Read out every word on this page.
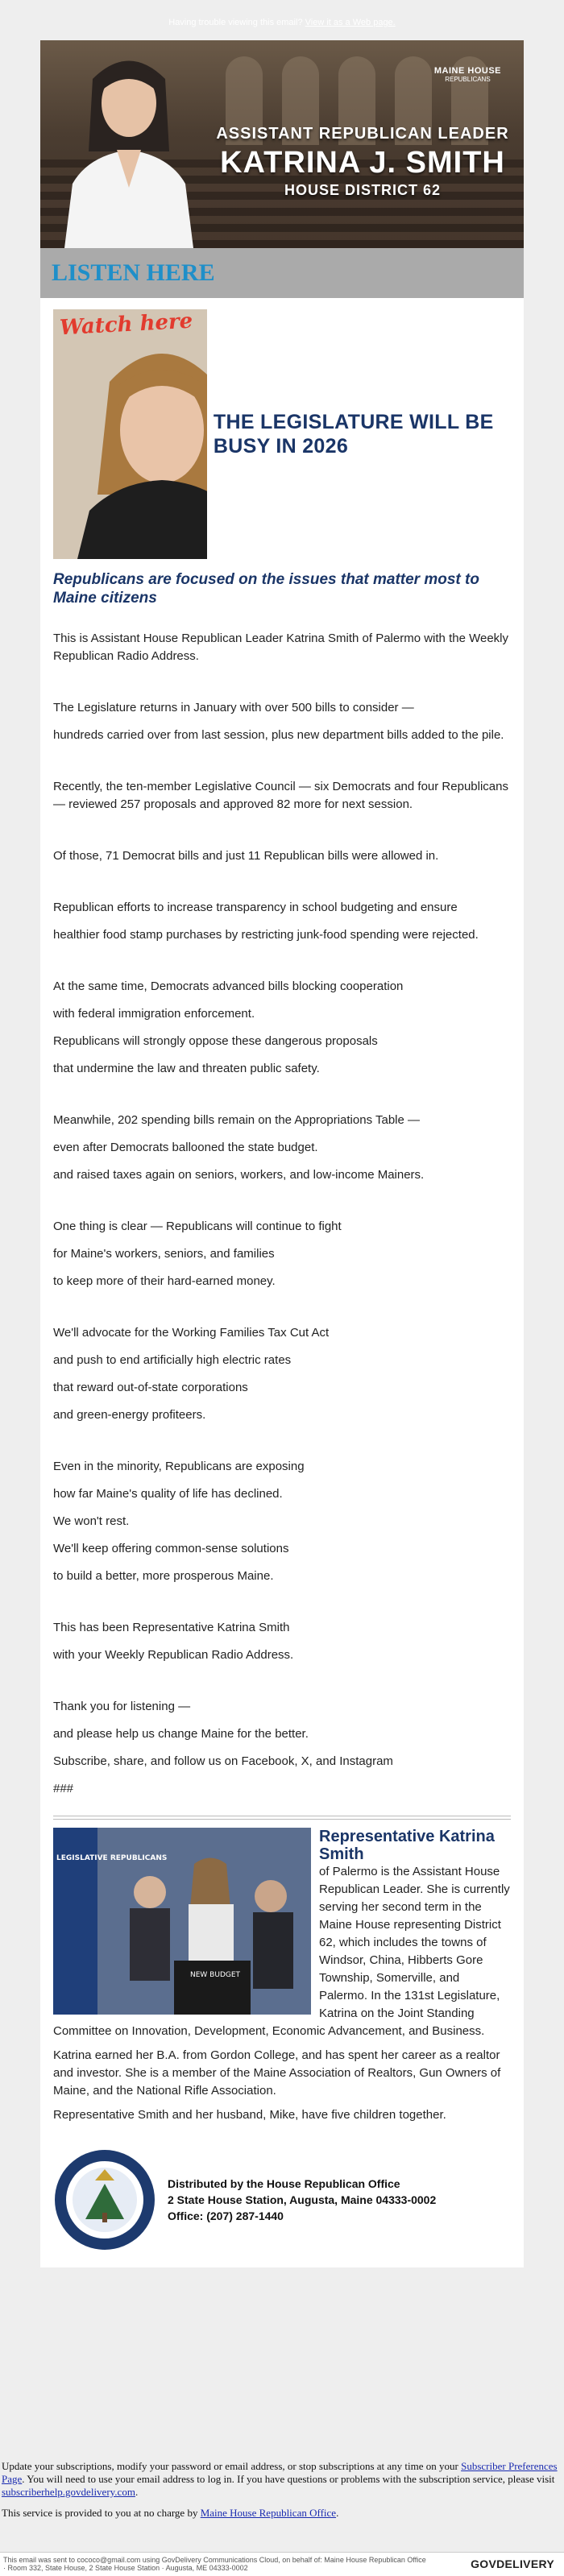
Having trouble viewing this email? View it as a Web page.
MAINE HOUSE
REPUBLICANS
ASSISTANT REPUBLICAN LEADER
KATRINA J. SMITH
HOUSE DISTRICT 62
LISTEN HERE
Watch here
THE LEGISLATURE WILL BE BUSY IN 2026
Republicans are focused on the issues that matter most to Maine citizens

This is Assistant House Republican Leader Katrina Smith of Palermo with the Weekly Republican Radio Address.

The Legislature returns in January with over 500 bills to consider —

hundreds carried over from last session, plus new department bills added to the pile.

Recently, the ten-member Legislative Council — six Democrats and four Republicans — reviewed 257 proposals and approved 82 more for next session.

Of those, 71 Democrat bills and just 11 Republican bills were allowed in.

Republican efforts to increase transparency in school budgeting and ensure

healthier food stamp purchases by restricting junk-food spending were rejected.

At the same time, Democrats advanced bills blocking cooperation

with federal immigration enforcement.

Republicans will strongly oppose these dangerous proposals

that undermine the law and threaten public safety.

Meanwhile, 202 spending bills remain on the Appropriations Table —

even after Democrats ballooned the state budget.

and raised taxes again on seniors, workers, and low-income Mainers.

One thing is clear — Republicans will continue to fight

for Maine's workers, seniors, and families

to keep more of their hard-earned money.

We'll advocate for the Working Families Tax Cut Act

and push to end artificially high electric rates

that reward out-of-state corporations

and green-energy profiteers.

Even in the minority, Republicans are exposing

how far Maine's quality of life has declined.

We won't rest.

We'll keep offering common-sense solutions

to build a better, more prosperous Maine.

This has been Representative Katrina Smith

with your Weekly Republican Radio Address.

Thank you for listening —

and please help us change Maine for the better.

Subscribe, share, and follow us on Facebook, X, and Instagram

###

LEGISLATIVE REPUBLICANS
NEW BUDGET
Representative Katrina Smith

of Palermo is the Assistant House Republican Leader. She is currently serving her second term in the Maine House representing District 62, which includes the towns of Windsor, China, Hibberts Gore Township, Somerville, and Palermo. In the 131st Legislature, Katrina on the Joint Standing Committee on Innovation, Development, Economic Advancement, and Business.

Katrina earned her B.A. from Gordon College, and has spent her career as a realtor and investor. She is a member of the Maine Association of Realtors, Gun Owners of Maine, and the National Rifle Association.

Representative Smith and her husband, Mike, have five children together.

Distributed by the House Republican Office
2 State House Station, Augusta, Maine 04333-0002
Office: (207) 287-1440

Update your subscriptions, modify your password or email address, or stop subscriptions at any time on your Subscriber Preferences Page. You will need to use your email address to log in. If you have questions or problems with the subscription service, please visit subscriberhelp.govdelivery.com.

This service is provided to you at no charge by Maine House Republican Office.

This email was sent to cococo@gmail.com using GovDelivery Communications Cloud, on behalf of: Maine House Republican Office
· Room 332, State House, 2 State House Station · Augusta, ME 04333-0002	GOVDELIVERY
